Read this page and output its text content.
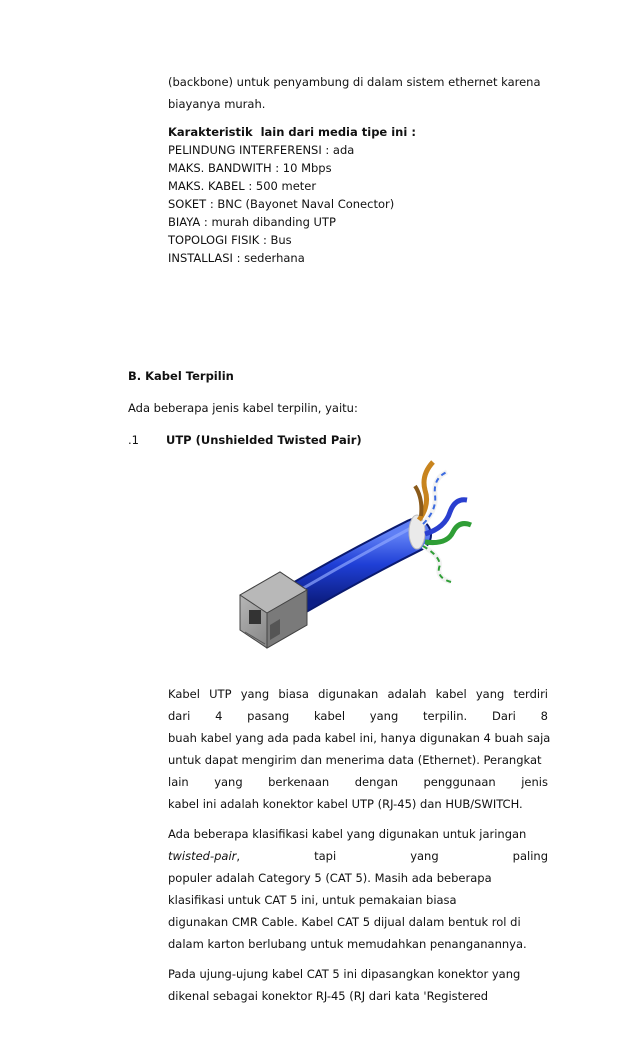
(backbone) untuk penyambung di dalam sistem ethernet karena
biayanya murah.
Karakteristik  lain dari media tipe ini :
PELINDUNG INTERFERENSI : ada
MAKS. BANDWITH : 10 Mbps
MAKS. KABEL : 500 meter
SOKET : BNC (Bayonet Naval Conector)
BIAYA : murah dibanding UTP
TOPOLOGI FISIK : Bus
INSTALLASI : sederhana
B. Kabel Terpilin
Ada beberapa jenis kabel terpilin, yaitu:
.1 UTP (Unshielded Twisted Pair)
Kabel UTP yang biasa digunakan adalah kabel yang terdiri
dari 4 pasang kabel yang terpilin. Dari 8
buah kabel yang ada pada kabel ini, hanya digunakan 4 buah saja
untuk dapat mengirim dan menerima data (Ethernet). Perangkat
lain yang berkenaan dengan penggunaan jenis
kabel ini adalah konektor kabel UTP (RJ-45) dan HUB/SWITCH.
Ada beberapa klasifikasi kabel yang digunakan untuk jaringan
twisted-pair,	tapi	yang	paling
populer adalah Category 5 (CAT 5). Masih ada beberapa
klasifikasi untuk CAT 5 ini, untuk pemakaian biasa
digunakan CMR Cable. Kabel CAT 5 dijual dalam bentuk rol di
dalam karton berlubang untuk memudahkan penanganannya.
Pada ujung-ujung kabel CAT 5 ini dipasangkan konektor yang
dikenal sebagai konektor RJ-45 (RJ dari kata 'Registered
